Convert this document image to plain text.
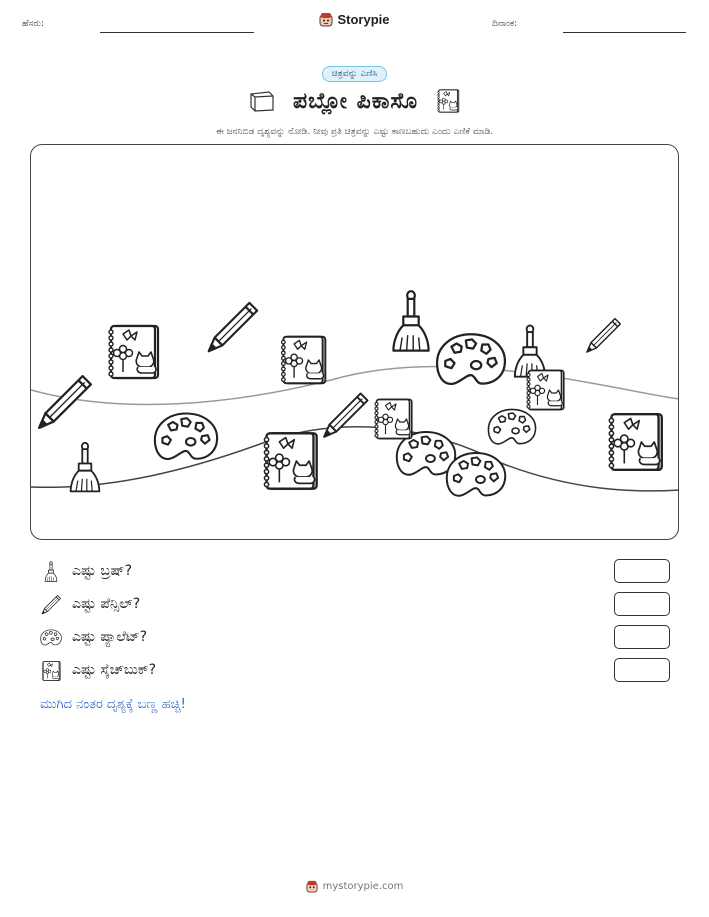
ಹೆಸರು:	Storypie	ದಿನಾಂಕ:
ಚಿತ್ರವನ್ನು ಎಣಿಸಿ
ಪಬ್ಲೋ ಪಿಕಾಸೊ
ಈ ಜನನಿಬಿಡ ದೃಶ್ಯವನ್ನು ನೋಡಿ. ನೀವು ಪ್ರತಿ ಚಿತ್ರವನ್ನು ಎಷ್ಟು ಕಾಣಬಹುದು ಎಂದು ಎಣಿಕೆ ಮಾಡಿ.
ಎಷ್ಟು ಬ್ರಷ್?
ಎಷ್ಟು ಪೆನ್ಸಿಲ್?
ಎಷ್ಟು ಪ್ಯಾಲೆಟ್?
ಎಷ್ಟು ಸ್ಕೆಚ್‌ಬುಕ್?
ಮುಗಿದ ನಂತರ ದೃಶ್ಯಕ್ಕೆ ಬಣ್ಣ ಹಚ್ಚಿ!
mystorypie.com
